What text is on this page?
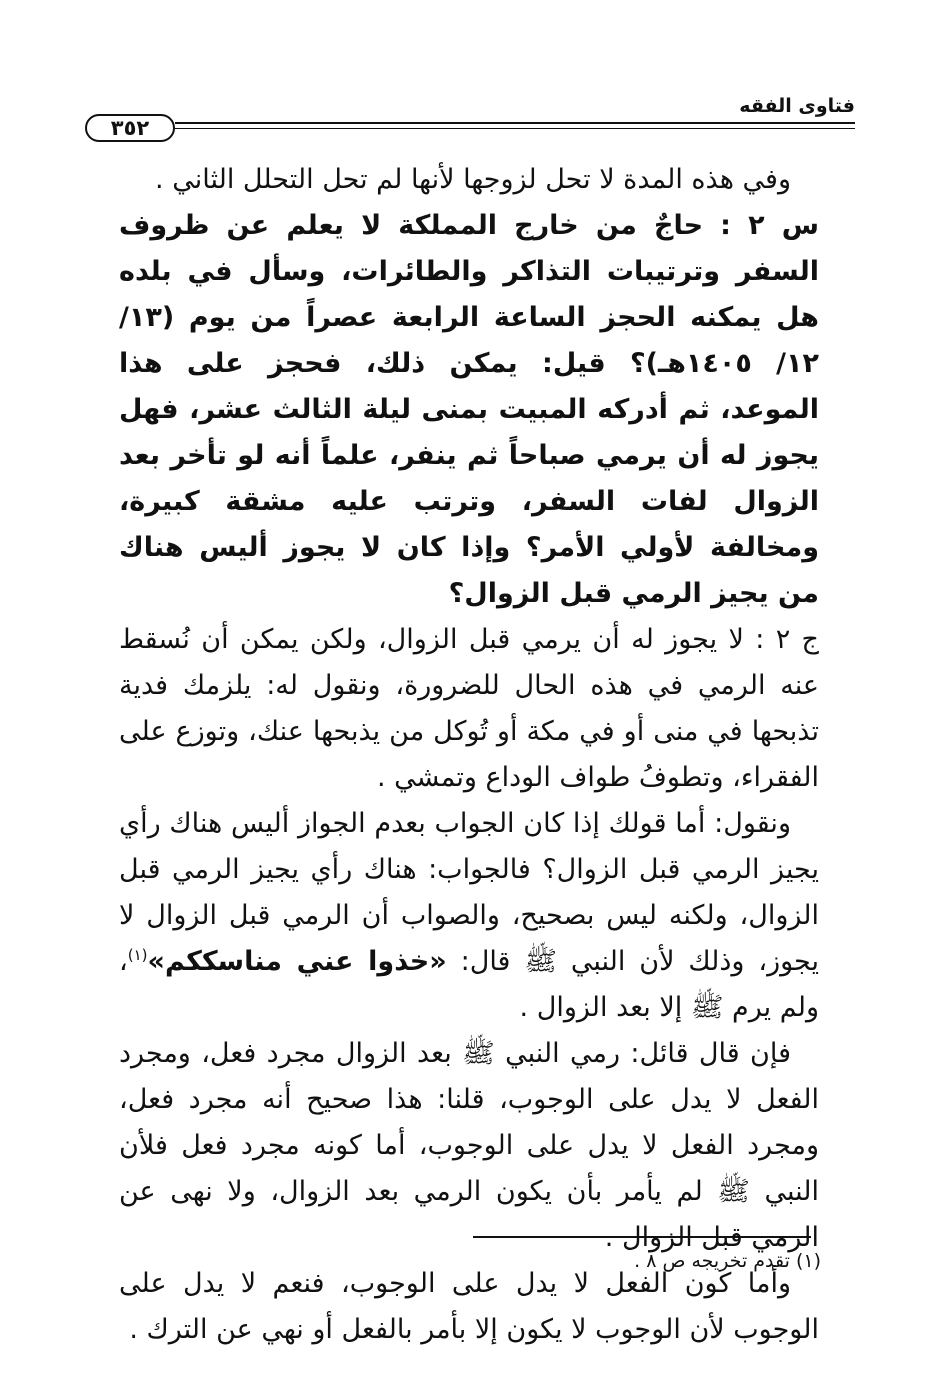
فتاوى الفقه
٣٥٢

وفي هذه المدة لا تحل لزوجها لأنها لم تحل التحلل الثاني .

س ٢ : حاجٌ من خارج المملكة لا يعلم عن ظروف السفر وترتيبات التذاكر والطائرات، وسأل في بلده هل يمكنه الحجز الساعة الرابعة عصراً من يوم (١٣/ ١٢/ ١٤٠٥هـ)؟ قيل: يمكن ذلك، فحجز على هذا الموعد، ثم أدركه المبيت بمنى ليلة الثالث عشر، فهل يجوز له أن يرمي صباحاً ثم ينفر، علماً أنه لو تأخر بعد الزوال لفات السفر، وترتب عليه مشقة كبيرة، ومخالفة لأولي الأمر؟ وإذا كان لا يجوز أليس هناك من يجيز الرمي قبل الزوال؟

ج ٢ : لا يجوز له أن يرمي قبل الزوال، ولكن يمكن أن نُسقط عنه الرمي في هذه الحال للضرورة، ونقول له: يلزمك فدية تذبحها في منى أو في مكة أو تُوكل من يذبحها عنك، وتوزع على الفقراء، وتطوفُ طواف الوداع وتمشي .

ونقول: أما قولك إذا كان الجواب بعدم الجواز أليس هناك رأي يجيز الرمي قبل الزوال؟ فالجواب: هناك رأي يجيز الرمي قبل الزوال، ولكنه ليس بصحيح، والصواب أن الرمي قبل الزوال لا يجوز، وذلك لأن النبي ﷺ قال: «خذوا عني مناسككم»$^{(١)}$، ولم يرم ﷺ إلا بعد الزوال .

فإن قال قائل: رمي النبي ﷺ بعد الزوال مجرد فعل، ومجرد الفعل لا يدل على الوجوب، قلنا: هذا صحيح أنه مجرد فعل، ومجرد الفعل لا يدل على الوجوب، أما كونه مجرد فعل فلأن النبي ﷺ لم يأمر بأن يكون الرمي بعد الزوال، ولا نهى عن الرمي قبل الزوال .

وأما كون الفعل لا يدل على الوجوب، فنعم لا يدل على الوجوب لأن الوجوب لا يكون إلا بأمر بالفعل أو نهي عن الترك .

(١) تقدم تخريجه ص ٨ .
